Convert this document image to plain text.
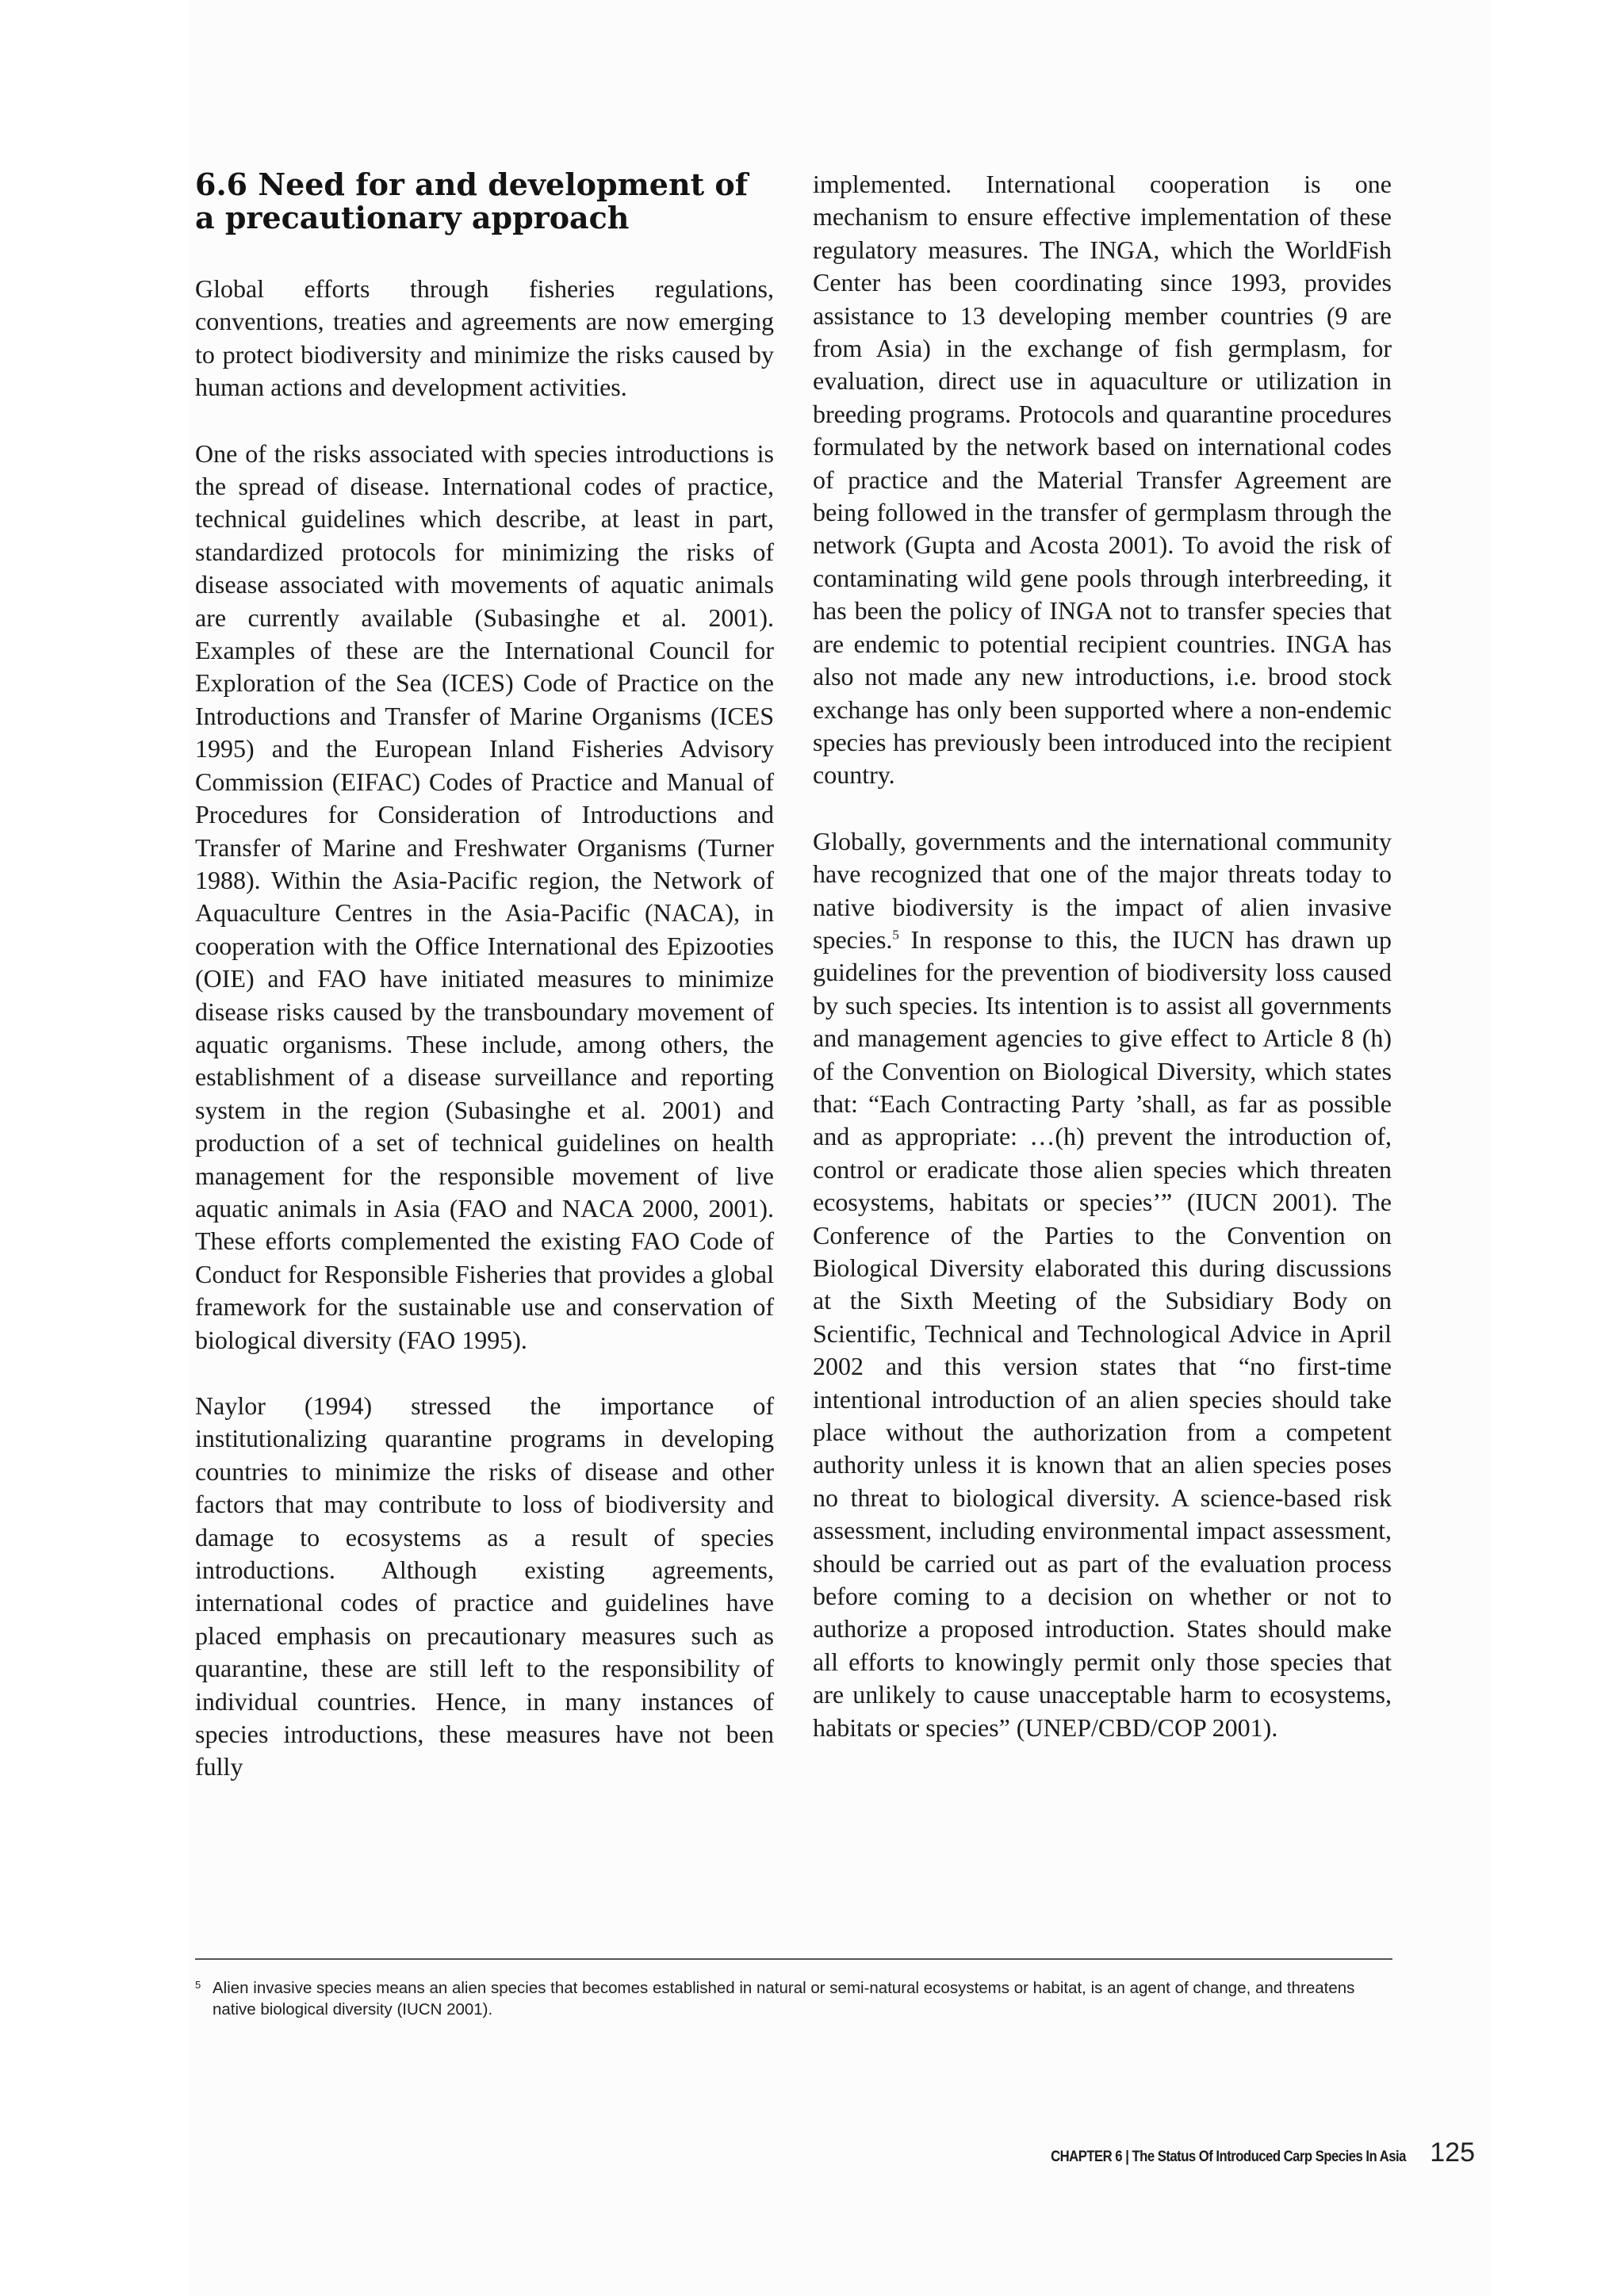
6.6 Need for and development of a precautionary approach

Global efforts through fisheries regulations, conventions, treaties and agreements are now emerging to protect biodiversity and minimize the risks caused by human actions and development activities.

One of the risks associated with species introductions is the spread of disease. International codes of practice, technical guidelines which describe, at least in part, standardized protocols for minimizing the risks of disease associated with movements of aquatic animals are currently available (Subasinghe et al. 2001). Examples of these are the International Council for Exploration of the Sea (ICES) Code of Practice on the Introductions and Transfer of Marine Organisms (ICES 1995) and the European Inland Fisheries Advisory Commission (EIFAC) Codes of Practice and Manual of Procedures for Consideration of Introductions and Transfer of Marine and Freshwater Organisms (Turner 1988). Within the Asia-Pacific region, the Network of Aquaculture Centres in the Asia-Pacific (NACA), in cooperation with the Office International des Epizooties (OIE) and FAO have initiated measures to minimize disease risks caused by the transboundary movement of aquatic organisms. These include, among others, the establishment of a disease surveillance and reporting system in the region (Subasinghe et al. 2001) and production of a set of technical guidelines on health management for the responsible movement of live aquatic animals in Asia (FAO and NACA 2000, 2001). These efforts complemented the existing FAO Code of Conduct for Responsible Fisheries that provides a global framework for the sustainable use and conservation of biological diversity (FAO 1995).

Naylor (1994) stressed the importance of institutionalizing quarantine programs in developing countries to minimize the risks of disease and other factors that may contribute to loss of biodiversity and damage to ecosystems as a result of species introductions. Although existing agreements, international codes of practice and guidelines have placed emphasis on precautionary measures such as quarantine, these are still left to the responsibility of individual countries. Hence, in many instances of species introductions, these measures have not been fully

implemented. International cooperation is one mechanism to ensure effective implementation of these regulatory measures. The INGA, which the WorldFish Center has been coordinating since 1993, provides assistance to 13 developing member countries (9 are from Asia) in the exchange of fish germplasm, for evaluation, direct use in aquaculture or utilization in breeding programs. Protocols and quarantine procedures formulated by the network based on international codes of practice and the Material Transfer Agreement are being followed in the transfer of germplasm through the network (Gupta and Acosta 2001). To avoid the risk of contaminating wild gene pools through interbreeding, it has been the policy of INGA not to transfer species that are endemic to potential recipient countries. INGA has also not made any new introductions, i.e. brood stock exchange has only been supported where a non-endemic species has previously been introduced into the recipient country.

Globally, governments and the international community have recognized that one of the major threats today to native biodiversity is the impact of alien invasive species.$^5$ In response to this, the IUCN has drawn up guidelines for the prevention of biodiversity loss caused by such species. Its intention is to assist all governments and management agencies to give effect to Article 8 (h) of the Convention on Biological Diversity, which states that: “Each Contracting Party ’shall, as far as possible and as appropriate: …(h) prevent the introduction of, control or eradicate those alien species which threaten ecosystems, habitats or species’” (IUCN 2001). The Conference of the Parties to the Convention on Biological Diversity elaborated this during discussions at the Sixth Meeting of the Subsidiary Body on Scientific, Technical and Technological Advice in April 2002 and this version states that “no first-time intentional introduction of an alien species should take place without the authorization from a competent authority unless it is known that an alien species poses no threat to biological diversity. A science-based risk assessment, including environmental impact assessment, should be carried out as part of the evaluation process before coming to a decision on whether or not to authorize a proposed introduction. States should make all efforts to knowingly permit only those species that are unlikely to cause unacceptable harm to ecosystems, habitats or species” (UNEP/CBD/COP 2001).

5 Alien invasive species means an alien species that becomes established in natural or semi-natural ecosystems or habitat, is an agent of change, and threatens native biological diversity (IUCN 2001).
CHAPTER 6 | The Status Of Introduced Carp Species In Asia 125
